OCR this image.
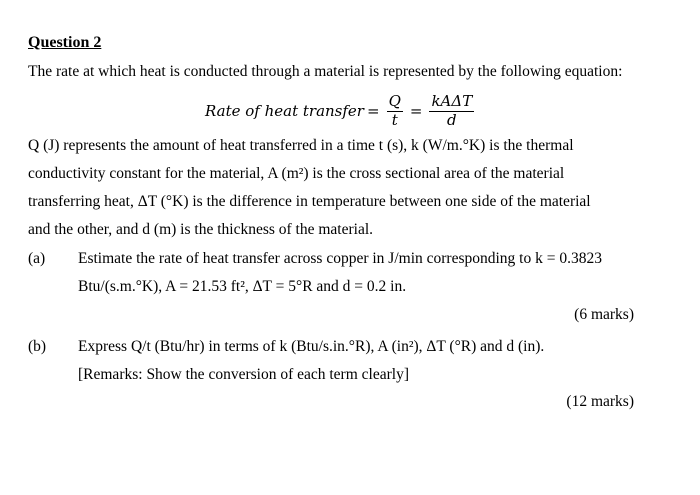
Question 2
The rate at which heat is conducted through a material is represented by the following equation:
Rate of heat transfer = $\frac{Q}{t} = \frac{\text{kAΔT}}{d}$
Q (J) represents the amount of heat transferred in a time t (s), k (W/m.°K) is the thermal
conductivity constant for the material, A (m²) is the cross sectional area of the material
transferring heat, ΔT (°K) is the difference in temperature between one side of the material
and the other, and d (m) is the thickness of the material.
(a) Estimate the rate of heat transfer across copper in J/min corresponding to k = 0.3823
Btu/(s.m.°K), A = 21.53 ft², ΔT = 5°R and d = 0.2 in.
(6 marks)
(b) Express Q/t (Btu/hr) in terms of k (Btu/s.in.°R), A (in²), ΔT (°R) and d (in).
[Remarks: Show the conversion of each term clearly]
(12 marks)
